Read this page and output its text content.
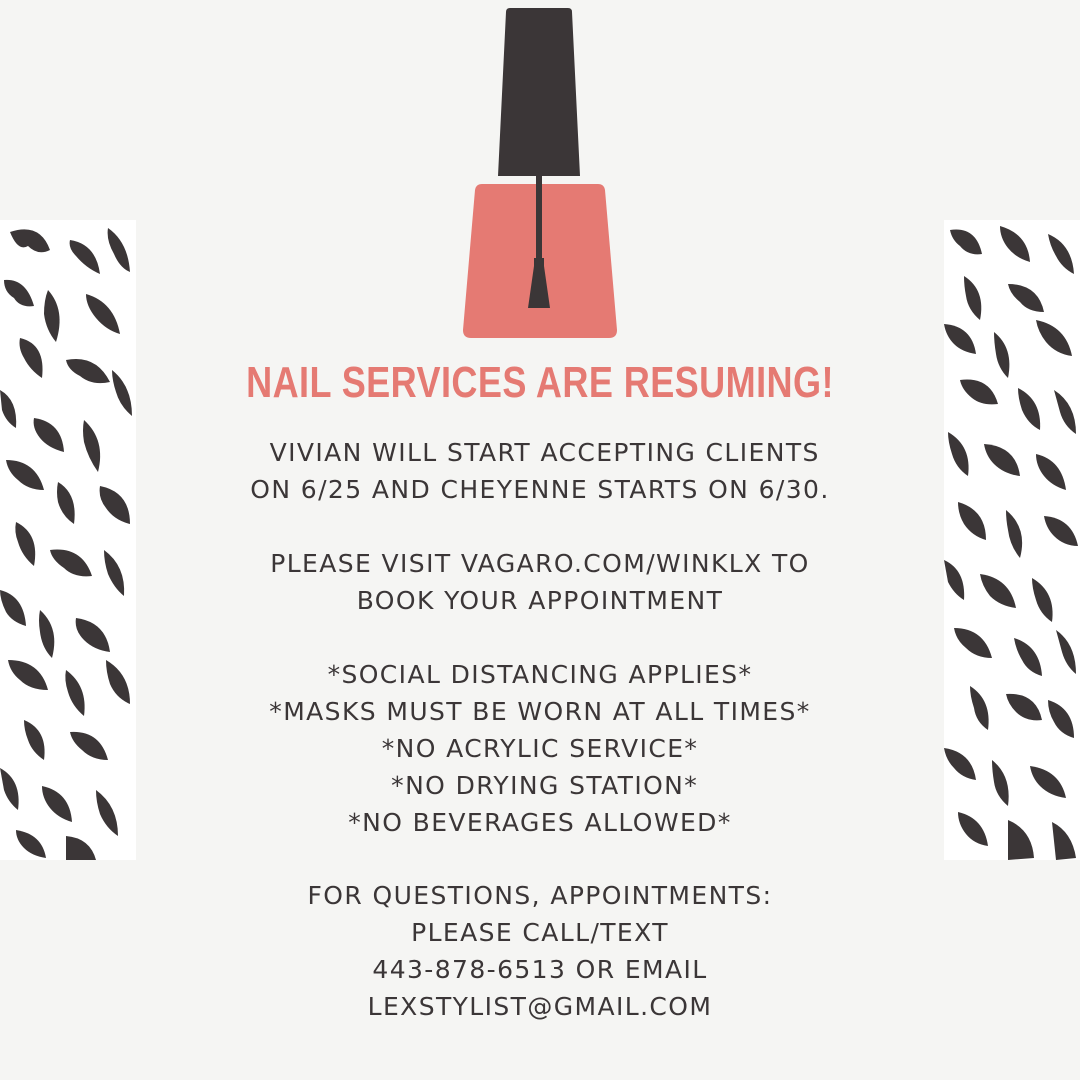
NAIL SERVICES ARE RESUMING!
VIVIAN WILL START ACCEPTING CLIENTS
ON 6/25 AND CHEYENNE STARTS ON 6/30.
PLEASE VISIT VAGARO.COM/WINKLX TO
BOOK YOUR APPOINTMENT
*SOCIAL DISTANCING APPLIES*
*MASKS MUST BE WORN AT ALL TIMES*
*NO ACRYLIC SERVICE*
*NO DRYING STATION*
*NO BEVERAGES ALLOWED*
FOR QUESTIONS, APPOINTMENTS:
PLEASE CALL/TEXT
443-878-6513 OR EMAIL
LEXSTYLIST@GMAIL.COM
